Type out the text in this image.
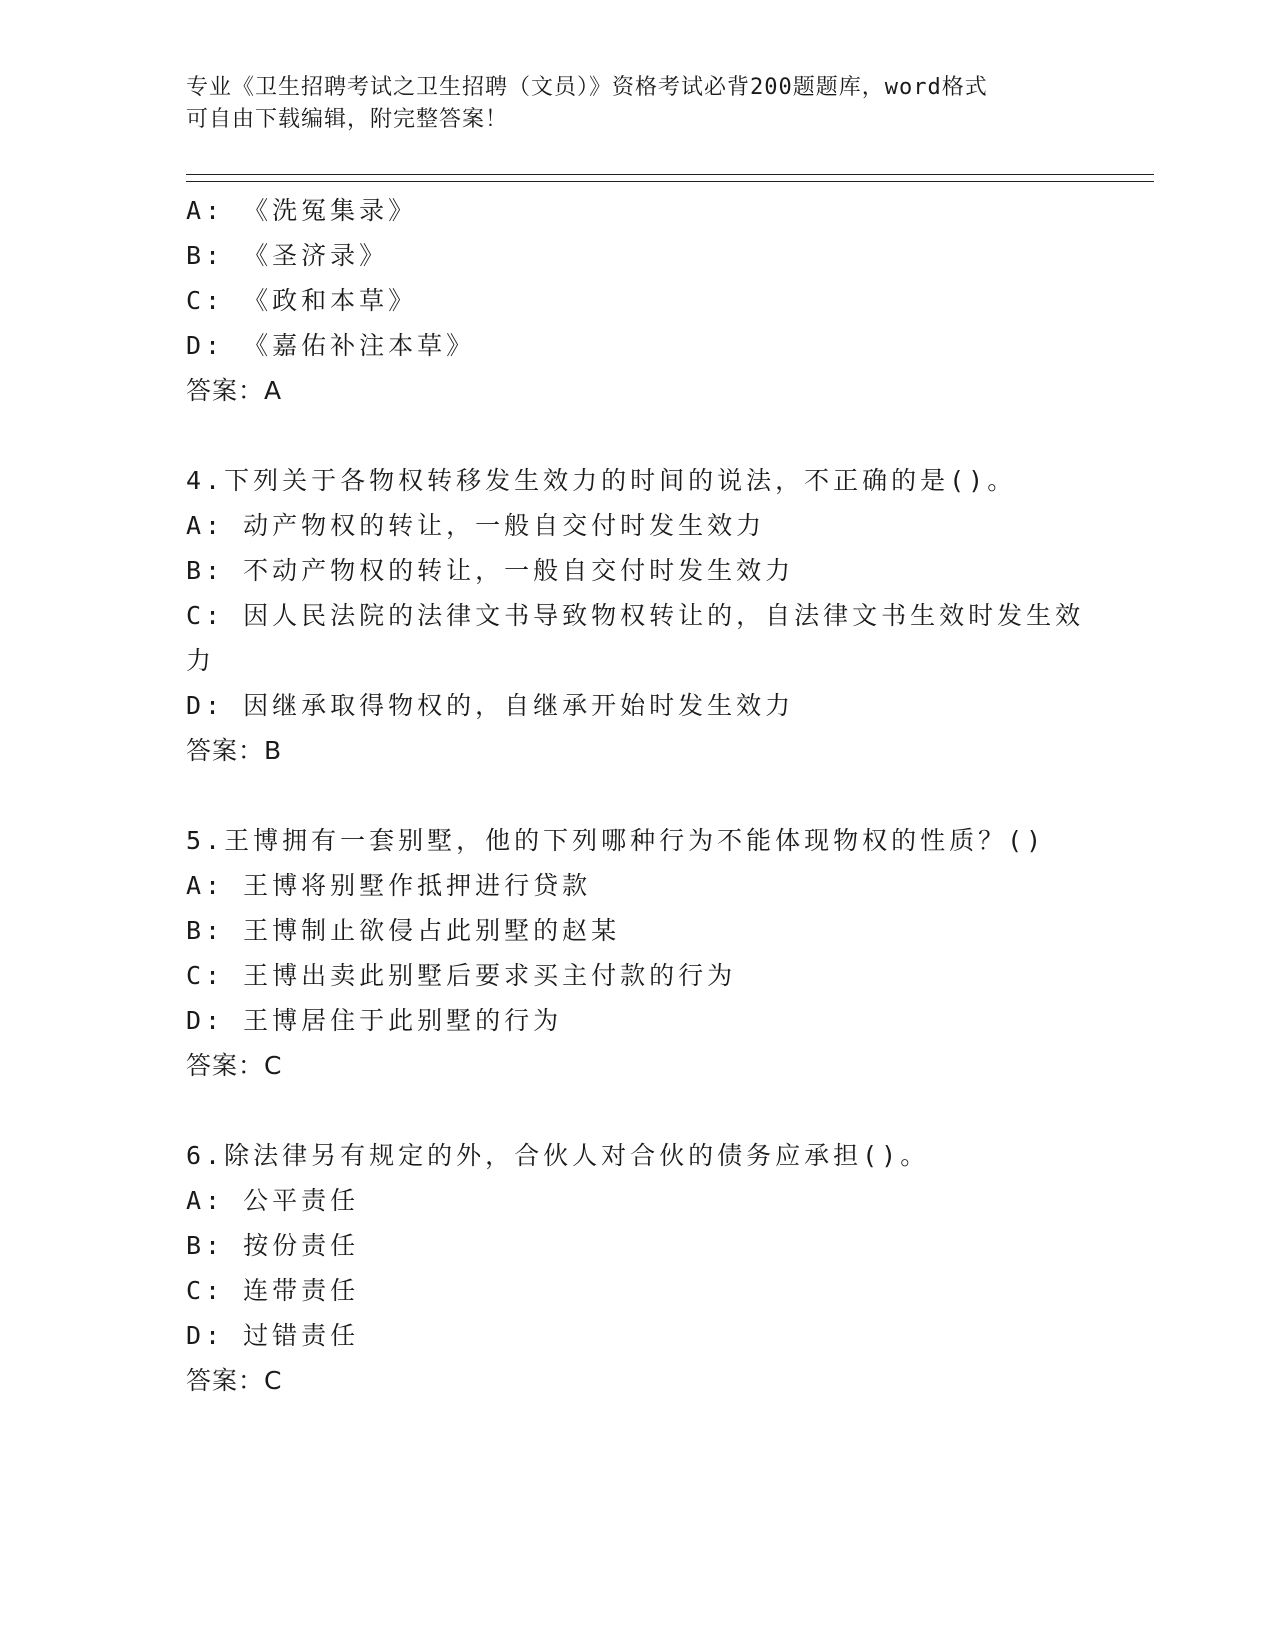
专业《卫生招聘考试之卫生招聘（文员）》资格考试必背200题题库，word格式
可自由下载编辑，附完整答案！
A: 《洗冤集录》
B: 《圣济录》
C: 《政和本草》
D: 《嘉佑补注本草》
答案：A
4.下列关于各物权转移发生效力的时间的说法，不正确的是()。
A: 动产物权的转让，一般自交付时发生效力
B: 不动产物权的转让，一般自交付时发生效力
C: 因人民法院的法律文书导致物权转让的，自法律文书生效时发生效力
D: 因继承取得物权的，自继承开始时发生效力
答案：B
5.王博拥有一套别墅，他的下列哪种行为不能体现物权的性质？()
A: 王博将别墅作抵押进行贷款
B: 王博制止欲侵占此别墅的赵某
C: 王博出卖此别墅后要求买主付款的行为
D: 王博居住于此别墅的行为
答案：C
6.除法律另有规定的外，合伙人对合伙的债务应承担()。
A: 公平责任
B: 按份责任
C: 连带责任
D: 过错责任
答案：C
